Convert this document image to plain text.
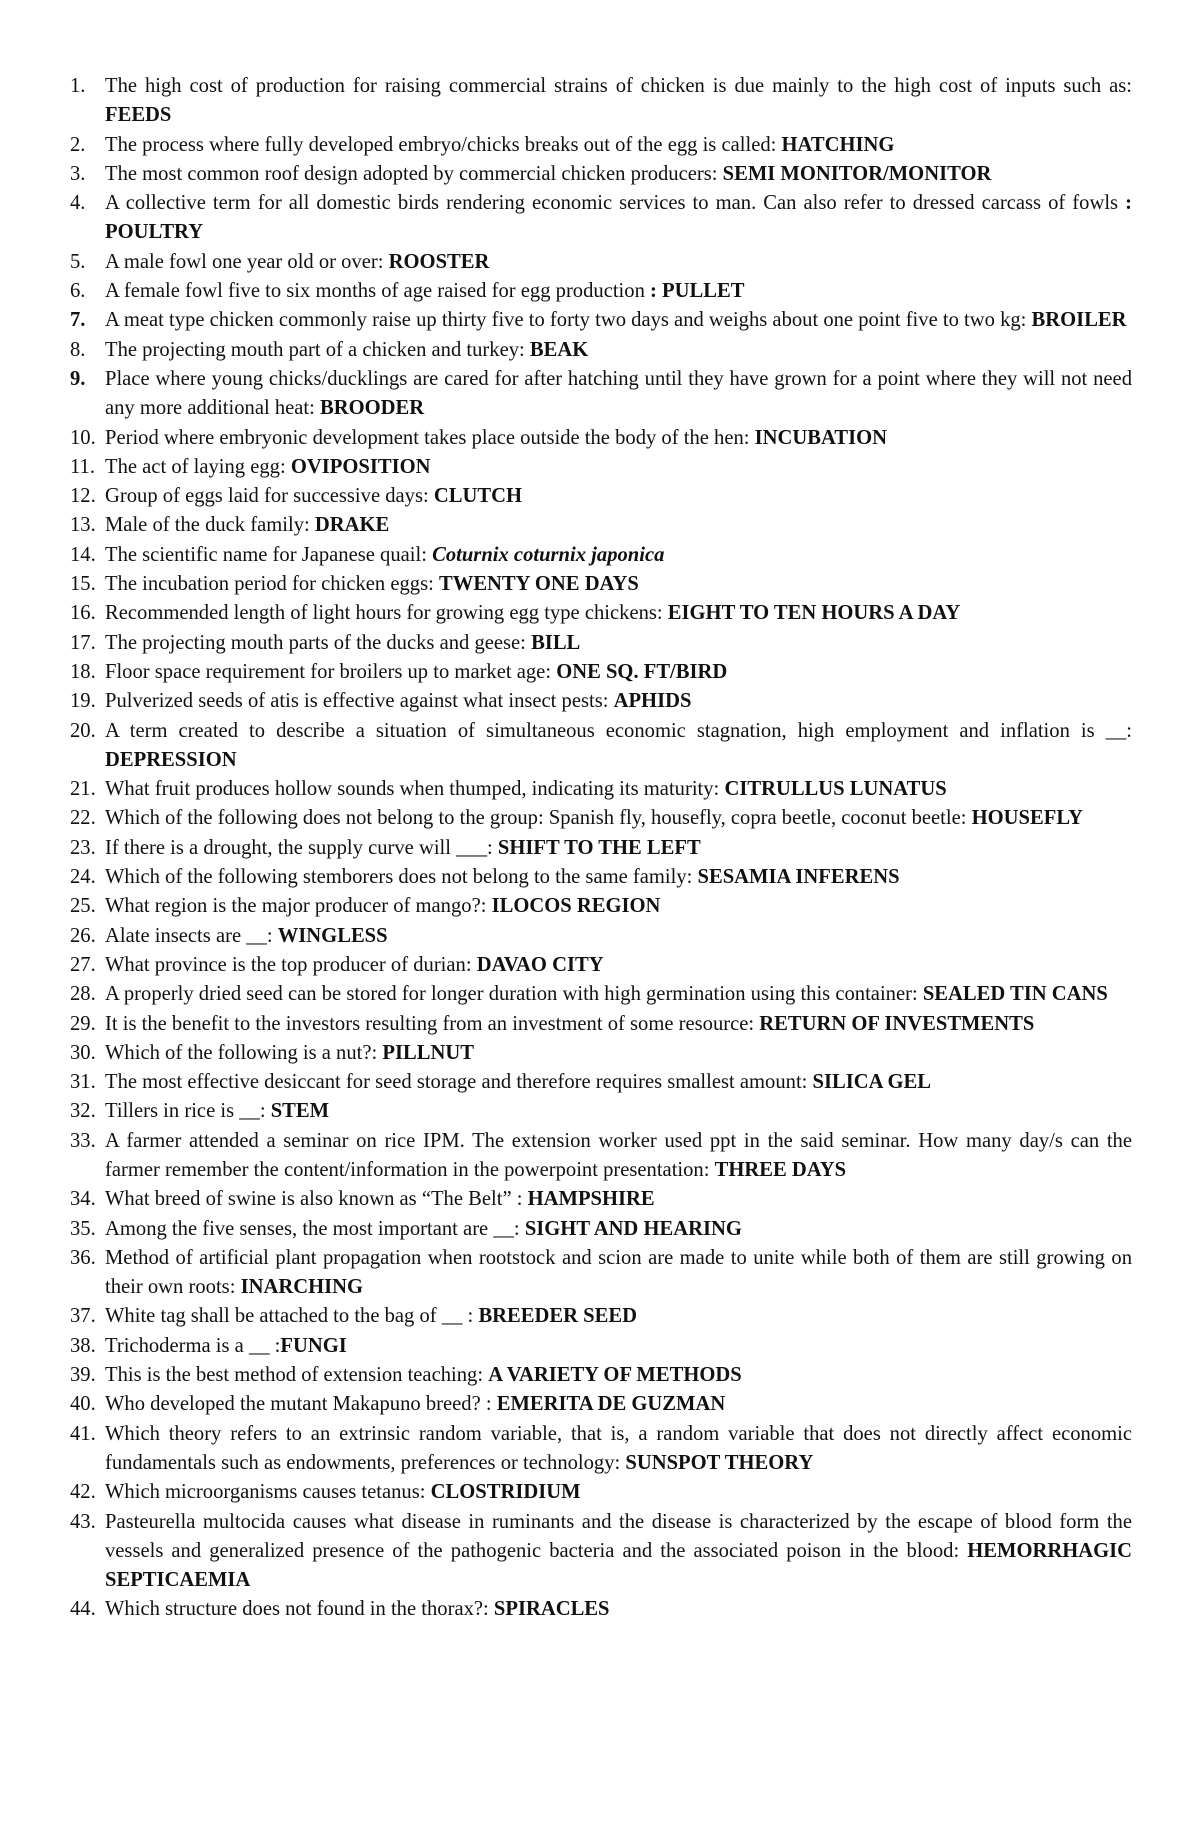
1. The high cost of production for raising commercial strains of chicken is due mainly to the high cost of inputs such as: FEEDS
2. The process where fully developed embryo/chicks breaks out of the egg is called: HATCHING
3. The most common roof design adopted by commercial chicken producers: SEMI MONITOR/MONITOR
4. A collective term for all domestic birds rendering economic services to man. Can also refer to dressed carcass of fowls : POULTRY
5. A male fowl one year old or over: ROOSTER
6. A female fowl five to six months of age raised for egg production : PULLET
7. A meat type chicken commonly raise up thirty five to forty two days and weighs about one point five to two kg: BROILER
8. The projecting mouth part of a chicken and turkey: BEAK
9. Place where young chicks/ducklings are cared for after hatching until they have grown for a point where they will not need any more additional heat: BROODER
10. Period where embryonic development takes place outside the body of the hen: INCUBATION
11. The act of laying egg: OVIPOSITION
12. Group of eggs laid for successive days: CLUTCH
13. Male of the duck family: DRAKE
14. The scientific name for Japanese quail: Coturnix coturnix japonica
15. The incubation period for chicken eggs: TWENTY ONE DAYS
16. Recommended length of light hours for growing egg type chickens: EIGHT TO TEN HOURS A DAY
17. The projecting mouth parts of the ducks and geese: BILL
18. Floor space requirement for broilers up to market age: ONE SQ. FT/BIRD
19. Pulverized seeds of atis is effective against what insect pests: APHIDS
20. A term created to describe a situation of simultaneous economic stagnation, high employment and inflation is __: DEPRESSION
21. What fruit produces hollow sounds when thumped, indicating its maturity: CITRULLUS LUNATUS
22. Which of the following does not belong to the group: Spanish fly, housefly, copra beetle, coconut beetle: HOUSEFLY
23. If there is a drought, the supply curve will ___: SHIFT TO THE LEFT
24. Which of the following stemborers does not belong to the same family: SESAMIA INFERENS
25. What region is the major producer of mango?: ILOCOS REGION
26. Alate insects are __: WINGLESS
27. What province is the top producer of durian: DAVAO CITY
28. A properly dried seed can be stored for longer duration with high germination using this container: SEALED TIN CANS
29. It is the benefit to the investors resulting from an investment of some resource: RETURN OF INVESTMENTS
30. Which of the following is a nut?: PILLNUT
31. The most effective desiccant for seed storage and therefore requires smallest amount: SILICA GEL
32. Tillers in rice is __: STEM
33. A farmer attended a seminar on rice IPM. The extension worker used ppt in the said seminar. How many day/s can the farmer remember the content/information in the powerpoint presentation: THREE DAYS
34. What breed of swine is also known as “The Belt” : HAMPSHIRE
35. Among the five senses, the most important are __: SIGHT AND HEARING
36. Method of artificial plant propagation when rootstock and scion are made to unite while both of them are still growing on their own roots: INARCHING
37. White tag shall be attached to the bag of __ : BREEDER SEED
38. Trichoderma is a __ :FUNGI
39. This is the best method of extension teaching: A VARIETY OF METHODS
40. Who developed the mutant Makapuno breed? : EMERITA DE GUZMAN
41. Which theory refers to an extrinsic random variable, that is, a random variable that does not directly affect economic fundamentals such as endowments, preferences or technology: SUNSPOT THEORY
42. Which microorganisms causes tetanus: CLOSTRIDIUM
43. Pasteurella multocida causes what disease in ruminants and the disease is characterized by the escape of blood form the vessels and generalized presence of the pathogenic bacteria and the associated poison in the blood: HEMORRHAGIC SEPTICAEMIA
44. Which structure does not found in the thorax?: SPIRACLES
